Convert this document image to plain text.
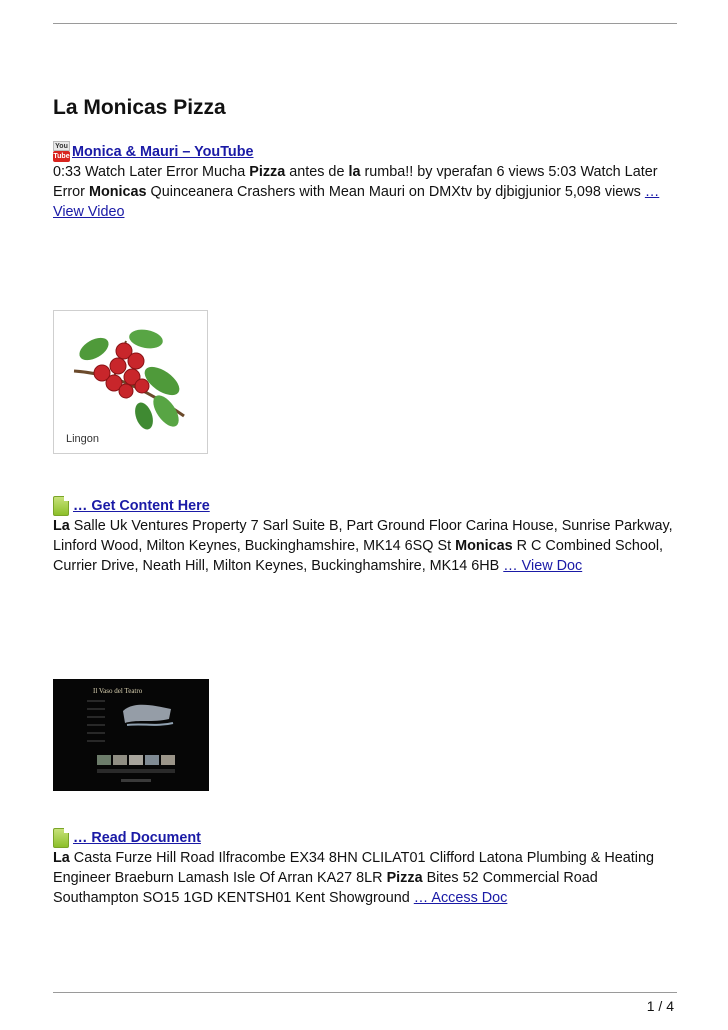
La Monicas Pizza
You
Tube Monica & Mauri – YouTube

0:33 Watch Later Error Mucha Pizza antes de la rumba!! by vperafan 6 views 5:03 Watch Later Error Monicas Quinceanera Crashers with Mean Mauri on DMXtv by djbigjunior 5,098 views … View Video

Lingon
… Get Content Here

La Salle Uk Ventures Property 7 Sarl Suite B, Part Ground Floor Carina House, Sunrise Parkway, Linford Wood, Milton Keynes, Buckinghamshire, MK14 6SQ St Monicas R C Combined School, Currier Drive, Neath Hill, Milton Keynes, Buckinghamshire, MK14 6HB … View Doc

Il Vaso del Teatro
… Read Document

La Casta Furze Hill Road Ilfracombe EX34 8HN CLILAT01 Clifford Latona Plumbing & Heating Engineer Braeburn Lamash Isle Of Arran KA27 8LR Pizza Bites 52 Commercial Road Southampton SO15 1GD KENTSH01 Kent Showground … Access Doc

1 / 4
